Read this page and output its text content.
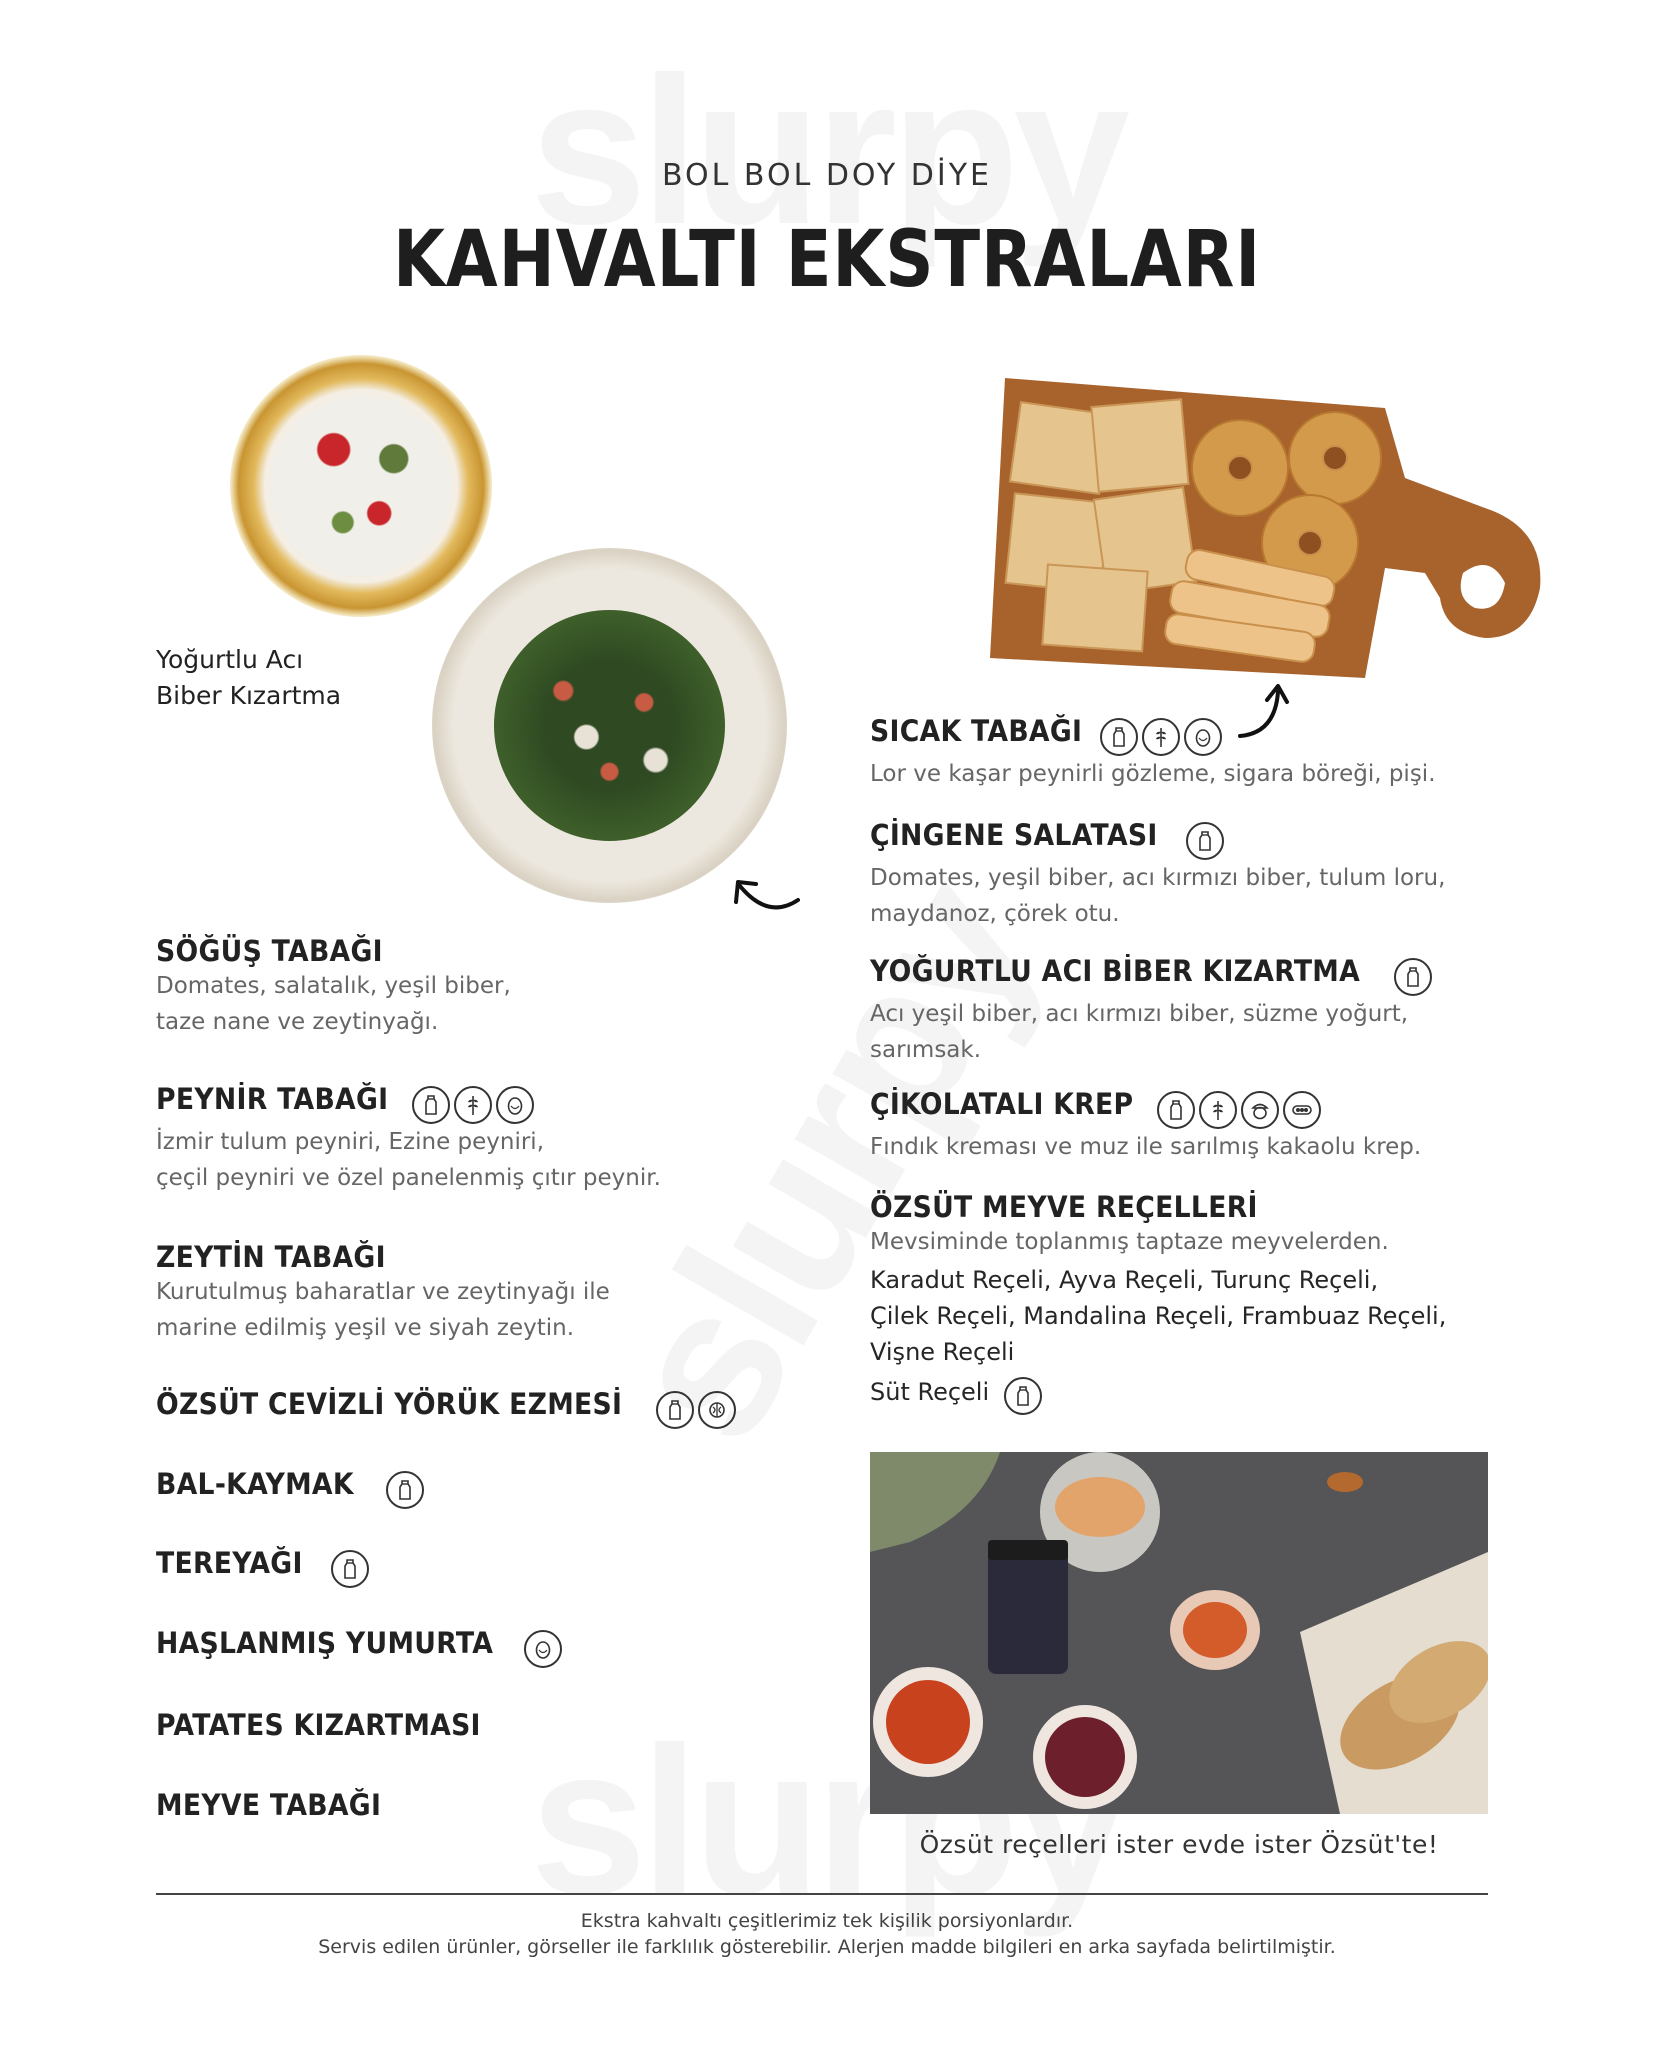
BOL BOL DOY DİYE
KAHVALTI EKSTRALARI
Yoğurtlu Acı
Biber Kızartma
SICAK TABAĞI
Lor ve kaşar peynirli gözleme, sigara böreği, pişi.
ÇİNGENE SALATASI
Domates, yeşil biber, acı kırmızı biber, tulum loru,
maydanoz, çörek otu.
YOĞURTLU ACI BİBER KIZARTMA
Acı yeşil biber, acı kırmızı biber, süzme yoğurt,
sarımsak.
ÇİKOLATALI KREP
Fındık kreması ve muz ile sarılmış kakaolu krep.
ÖZSÜT MEYVE REÇELLERİ
Mevsiminde toplanmış taptaze meyvelerden.
Karadut Reçeli, Ayva Reçeli, Turunç Reçeli,
Çilek Reçeli, Mandalina Reçeli, Frambuaz Reçeli,
Vişne Reçeli
Süt Reçeli
Özsüt reçelleri ister evde ister Özsüt'te!
SÖĞÜŞ TABAĞI
Domates, salatalık, yeşil biber,
taze nane ve zeytinyağı.
PEYNİR TABAĞI
İzmir tulum peyniri, Ezine peyniri,
çeçil peyniri ve özel panelenmiş çıtır peynir.
ZEYTİN TABAĞI
Kurutulmuş baharatlar ve zeytinyağı ile
marine edilmiş yeşil ve siyah zeytin.
ÖZSÜT CEVİZLİ YÖRÜK EZMESİ
BAL-KAYMAK
TEREYAĞI
HAŞLANMIŞ YUMURTA
PATATES KIZARTMASI
MEYVE TABAĞI
Ekstra kahvaltı çeşitlerimiz tek kişilik porsiyonlardır.
Servis edilen ürünler, görseller ile farklılık gösterebilir. Alerjen madde bilgileri en arka sayfada belirtilmiştir.
